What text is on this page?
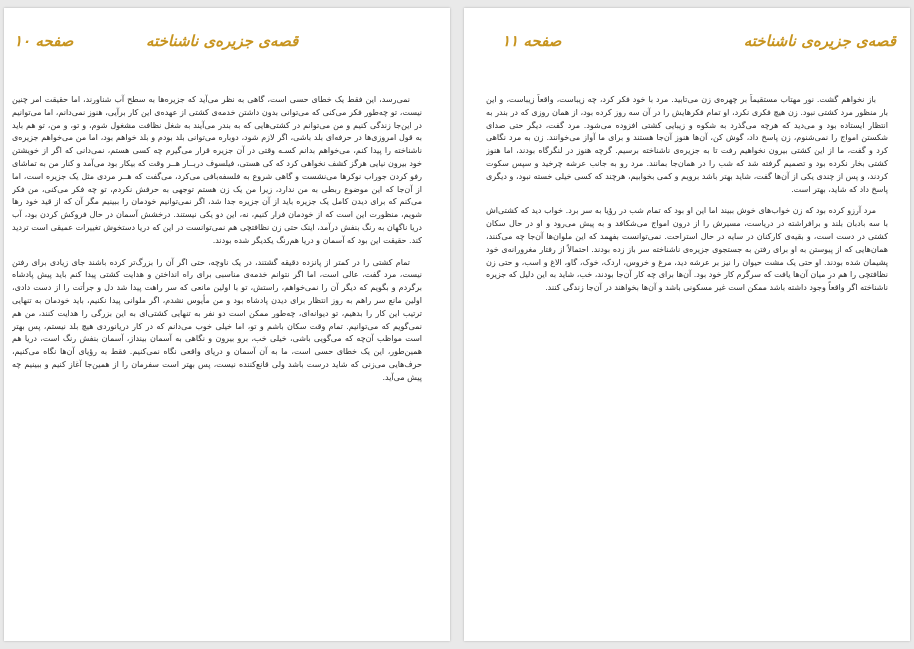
قصه‌ی جزیره‌ی ناشناخته
صفحه ۱۰

نمی‌رسد، این فقط یک خطای حسی است، گاهی به نظر می‌آید که جزیره‌ها به سطح آب شناورند، اما حقیقت امر چنین نیست، تو چه‌طور فکر می‌کنی که می‌توانی بدون داشتن خدمه‌ی کشتی از عهده‌ی این کار برآیی، هنوز نمی‌دانم، اما می‌توانیم در این‌جا زندگی کنیم و من می‌توانم در کشتی‌هایی که به بندر می‌آیند به شغل نظافت مشغول شوم، و تو، و من، تو هم باید به قول امروزی‌ها در حرفه‌ای بلد باشی، اگر لازم شود، دوباره می‌توانی بلد بودم و بلد خواهم بود، اما من می‌خواهم جزیره‌ی ناشناخته را پیدا کنم، می‌خواهم بدانم کسـه وقتی در آن جزیره قرار می‌گیرم چه کسی هستم، نمی‌دانی که اگر از خویشتن خود بیرون نیایی هرگز کشف نخواهی کرد که کی هستی، فیلسوف دربــار هــر وقت که بیکار بود می‌آمد و کنار من به تماشای رفو کردن جوراب نوکرها می‌نشست و گاهی شروع به فلسفه‌بافی می‌کرد، می‌گفت که هــر مردی مثل یک جزیره است، اما از آن‌جا که این موضوع ربطی به من ندارد، زیرا من یک زن هستم توجهی به حرفش نکردم، تو چه فکر می‌کنی، من فکر می‌کنم که برای دیدن کامل یک جزیره باید از آن جزیره جدا شد، اگر نمی‌توانیم خودمان را ببینیم مگر آن که از قید خود رها شویم، منظورت این است که از خودمان فرار کنیم، نه، این دو یکی نیستند. درخشش آسمان در حال فروکش کردن بود، آب دریا ناگهان به رنگ بنفش درآمد، اینک حتی زن نظافتچی هم نمی‌توانست در این که دریا دستخوش تغییرات عمیقی است تردید کند. حقیقت این بود که آسمان و دریا هم‌رنگ یکدیگر شده بودند.

تمام کشتی را در کمتر از پانزده دقیقه گشتند، در یک ناوچه، حتی اگر آن را بزرگ‌تر کرده باشند جای زیادی برای رفتن نیست، مرد گفت، عالی است، اما اگر نتوانم خدمه‌ی مناسبی برای راه انداختن و هدایت کشتی پیدا کنم باید پیش پادشاه برگردم و بگویم که دیگر آن را نمی‌خواهم، راستش، تو با اولین مانعی که سر راهت پیدا شد دل و جرأتت را از دست دادی، اولین مانع سر راهم به روز انتظار برای دیدن پادشاه بود و من مأیوس نشدم، اگر ملوانی پیدا نکنیم، باید خودمان به تنهایی ترتیب این کار را بدهیم، تو دیوانه‌ای، چه‌طور ممکن است دو نفر به تنهایی کشتی‌ای به این بزرگی را هدایت کنند، من هم نمی‌گویم که می‌توانیم. تمام وقت سکان باشم و تو، اما خیلی خوب می‌دانم که در کار دریانوردی هیچ بلد نیستم، پس بهتر است مواظب آن‌چه که می‌گویی باشی، خیلی خب، برو بیرون و نگاهی به آسمان بینداز، آسمان بنفش رنگ است، دریا هم همین‌طور، این یک خطای حسی است، ما به آن آسمان و دریای واقعی نگاه نمی‌کنیم. فقط به رؤیای آن‌ها نگاه می‌کنیم، حرف‌هایی می‌زنی که شاید درست باشد ولی قانع‌کننده نیست، پس بهتر است سفرمان را از همین‌جا آغاز کنیم و ببینیم چه پیش می‌آید.

قصه‌ی جزیره‌ی ناشناخته
صفحه ۱۱

باز نخواهم گشت. نور مهتاب مستقیماً بر چهره‌ی زن می‌تابید. مرد با خود فکر کرد، چه زیباست، واقعاً زیباست، و این بار منظور مرد کشتی نبود. زن هیچ فکری نکرد، او تمام فکرهایش را در آن سه روز کرده بود، از همان روزی که در بندر به انتظار ایستاده بود و می‌دید که هرچه می‌گذرد به شکوه و زیبایی کشتی افزوده می‌شود. مرد گفت، دیگر حتی صدای شکستن امواج را نمی‌شنوم، زن پاسخ داد، گوش کن، آن‌ها هنوز آن‌جا هستند و برای ما آواز می‌خوانند. زن به مرد نگاهی کرد و گفت، ما از این کشتی بیرون نخواهیم رفت تا به جزیره‌ی ناشناخته برسیم. گرچه هنوز در لنگرگاه بودند، اما هنوز کشتی بخار نکرده بود و تصمیم گرفته شد که شب را در همان‌جا بمانند. مرد رو به جانب عرشه چرخید و سپس سکوت کردند، و پس از چندی یکی از آن‌ها گفت، شاید بهتر باشد برویم و کمی بخوابیم، هرچند که کسی خیلی خسته نبود، و دیگری پاسخ داد که شاید، بهتر است.

مرد آرزو کرده بود که زن خواب‌های خوش ببیند اما این او بود که تمام شب در رؤیا به سر برد. خواب دید که کشتی‌اش با سه بادبان بلند و برافراشته در دریاست، مسیرش را از درون امواج می‌شکافد و به پیش می‌رود و او در حال سکان کشتی در دست است، و بقیه‌ی کارکنان در سایه در حال استراحت. نمی‌توانست بفهمد که این ملوان‌ها آن‌جا چه می‌کنند، همان‌هایی که از پیوستن به او برای رفتن به جستجوی جزیره‌ی ناشناخته سر باز زده بودند. احتمالاً از رفتار مغرورانه‌ی خود پشیمان شده بودند. او حتی یک مشت حیوان را نیز بر عرشه دید، مرغ و خروس، اردک، خوک، گاو، الاغ و اسب، و حتی زن نظافتچی را هم در میان آن‌ها یافت که سرگرم کار خود بود. آن‌ها برای چه کار آن‌جا بودند، خب، شاید به این دلیل که جزیره ناشناخته اگر واقعاً وجود داشته باشد ممکن است غیر مسکونی باشد و آن‌ها بخواهند در آن‌جا زندگی کنند.
